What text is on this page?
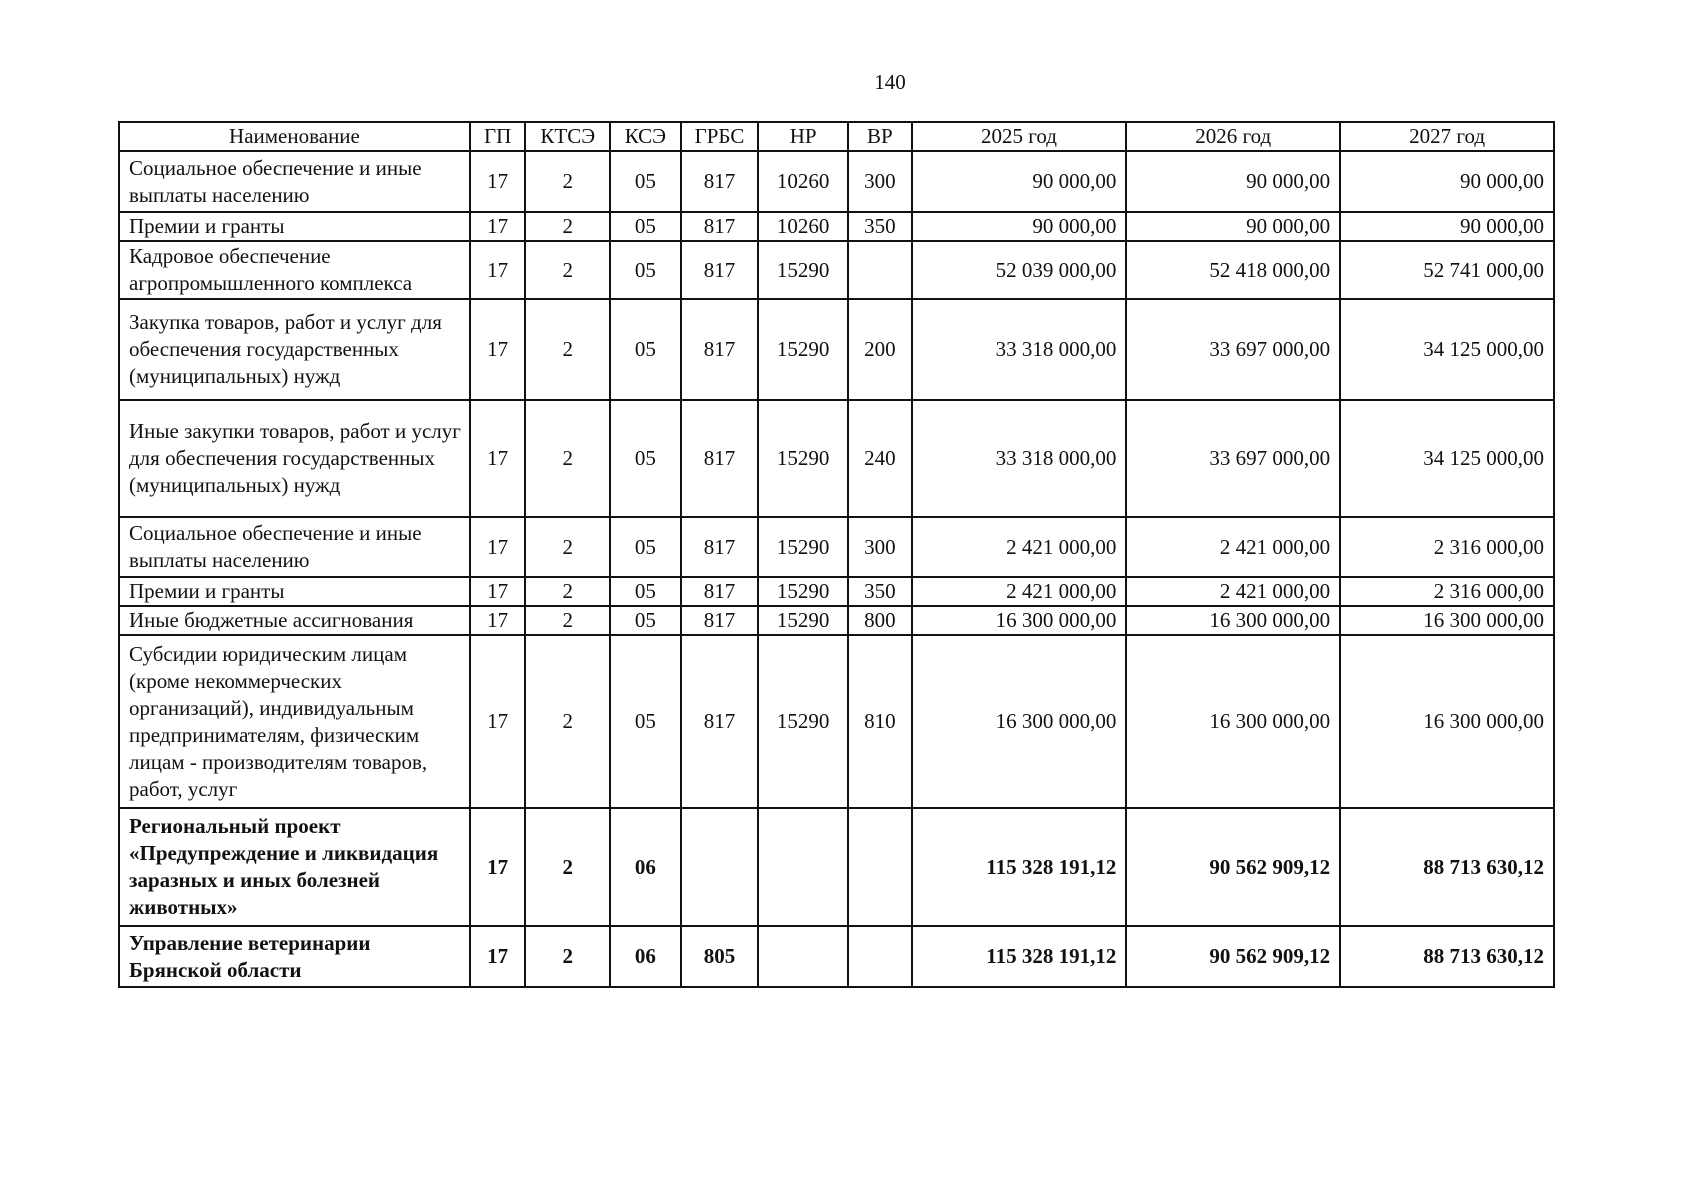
140
Наименование	ГП	КТСЭ	КСЭ	ГРБС	НР	ВР	2025 год	2026 год	2027 год
Социальное обеспечение и иные выплаты населению	17	2	05	817	10260	300	90 000,00	90 000,00	90 000,00
Премии и гранты	17	2	05	817	10260	350	90 000,00	90 000,00	90 000,00
Кадровое обеспечение агропромышленного комплекса	17	2	05	817	15290		52 039 000,00	52 418 000,00	52 741 000,00
Закупка товаров, работ и услуг для обеспечения государственных (муниципальных) нужд	17	2	05	817	15290	200	33 318 000,00	33 697 000,00	34 125 000,00
Иные закупки товаров, работ и услуг для обеспечения государственных (муниципальных) нужд	17	2	05	817	15290	240	33 318 000,00	33 697 000,00	34 125 000,00
Социальное обеспечение и иные выплаты населению	17	2	05	817	15290	300	2 421 000,00	2 421 000,00	2 316 000,00
Премии и гранты	17	2	05	817	15290	350	2 421 000,00	2 421 000,00	2 316 000,00
Иные бюджетные ассигнования	17	2	05	817	15290	800	16 300 000,00	16 300 000,00	16 300 000,00
Субсидии юридическим лицам (кроме некоммерческих организаций), индивидуальным предпринимателям, физическим лицам - производителям товаров, работ, услуг	17	2	05	817	15290	810	16 300 000,00	16 300 000,00	16 300 000,00
Региональный проект «Предупреждение и ликвидация заразных и иных болезней животных»	17	2	06				115 328 191,12	90 562 909,12	88 713 630,12
Управление ветеринарии Брянской области	17	2	06	805			115 328 191,12	90 562 909,12	88 713 630,12
